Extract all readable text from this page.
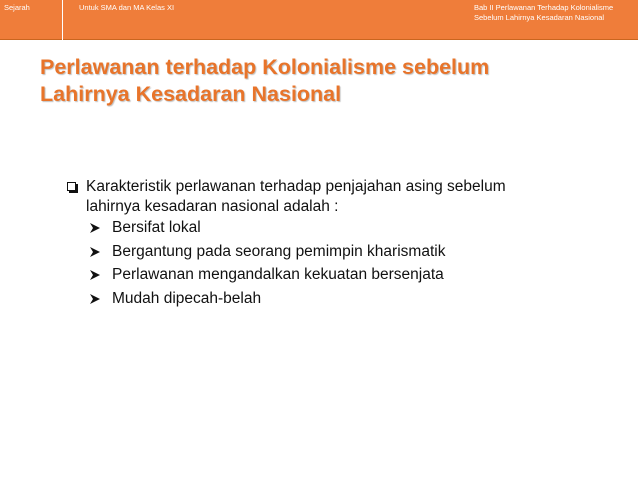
Sejarah	Untuk SMA dan MA Kelas XI	Bab II Perlawanan Terhadap Kolonialisme
Sebelum Lahirnya Kesadaran Nasional
Perlawanan terhadap Kolonialisme sebelum
Lahirnya Kesadaran Nasional
Karakteristik perlawanan terhadap penjajahan asing sebelum
lahirnya kesadaran nasional adalah :
Bersifat lokal
Bergantung pada seorang pemimpin kharismatik
Perlawanan mengandalkan kekuatan bersenjata
Mudah dipecah-belah
